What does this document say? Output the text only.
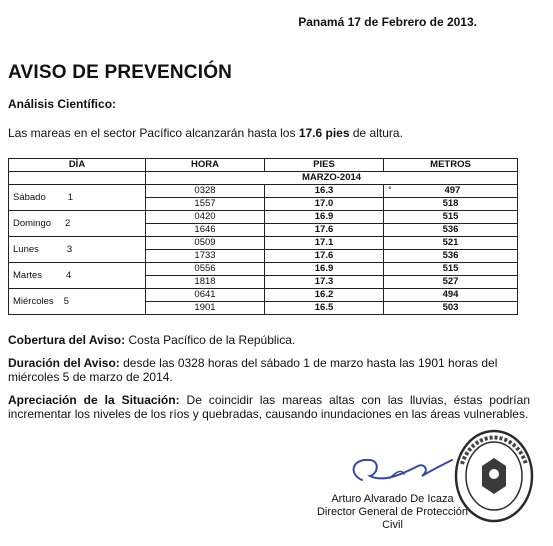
Panamá 17 de Febrero de 2013.
AVISO DE PREVENCIÓN
Análisis Científico:
Las mareas en el sector Pacífico alcanzarán hasta los 17.6 pies de altura.
DÍA	HORA	PIES	METROS
	MARZO-2014		
Sábado 1	0328	16.3	° 497
	1557	17.0	518
Domingo 2	0420	16.9	515
	1646	17.6	536
Lunes 3	0509	17.1	521
	1733	17.6	536
Martes 4	0556	16.9	515
	1818	17.3	527
Miércoles 5	0641	16.2	494
	1901	16.5	503
Cobertura del Aviso: Costa Pacífico de la República.
Duración del Aviso: desde las 0328 horas del sábado 1 de marzo hasta las 1901 horas del miércoles 5 de marzo de 2014.
Apreciación de la Situación: De coincidir las mareas altas con las lluvias, éstas podrían incrementar los niveles de los ríos y quebradas, causando inundaciones en las áreas vulnerables.
Arturo Alvarado De Icaza
Director General de Protección
Civil
